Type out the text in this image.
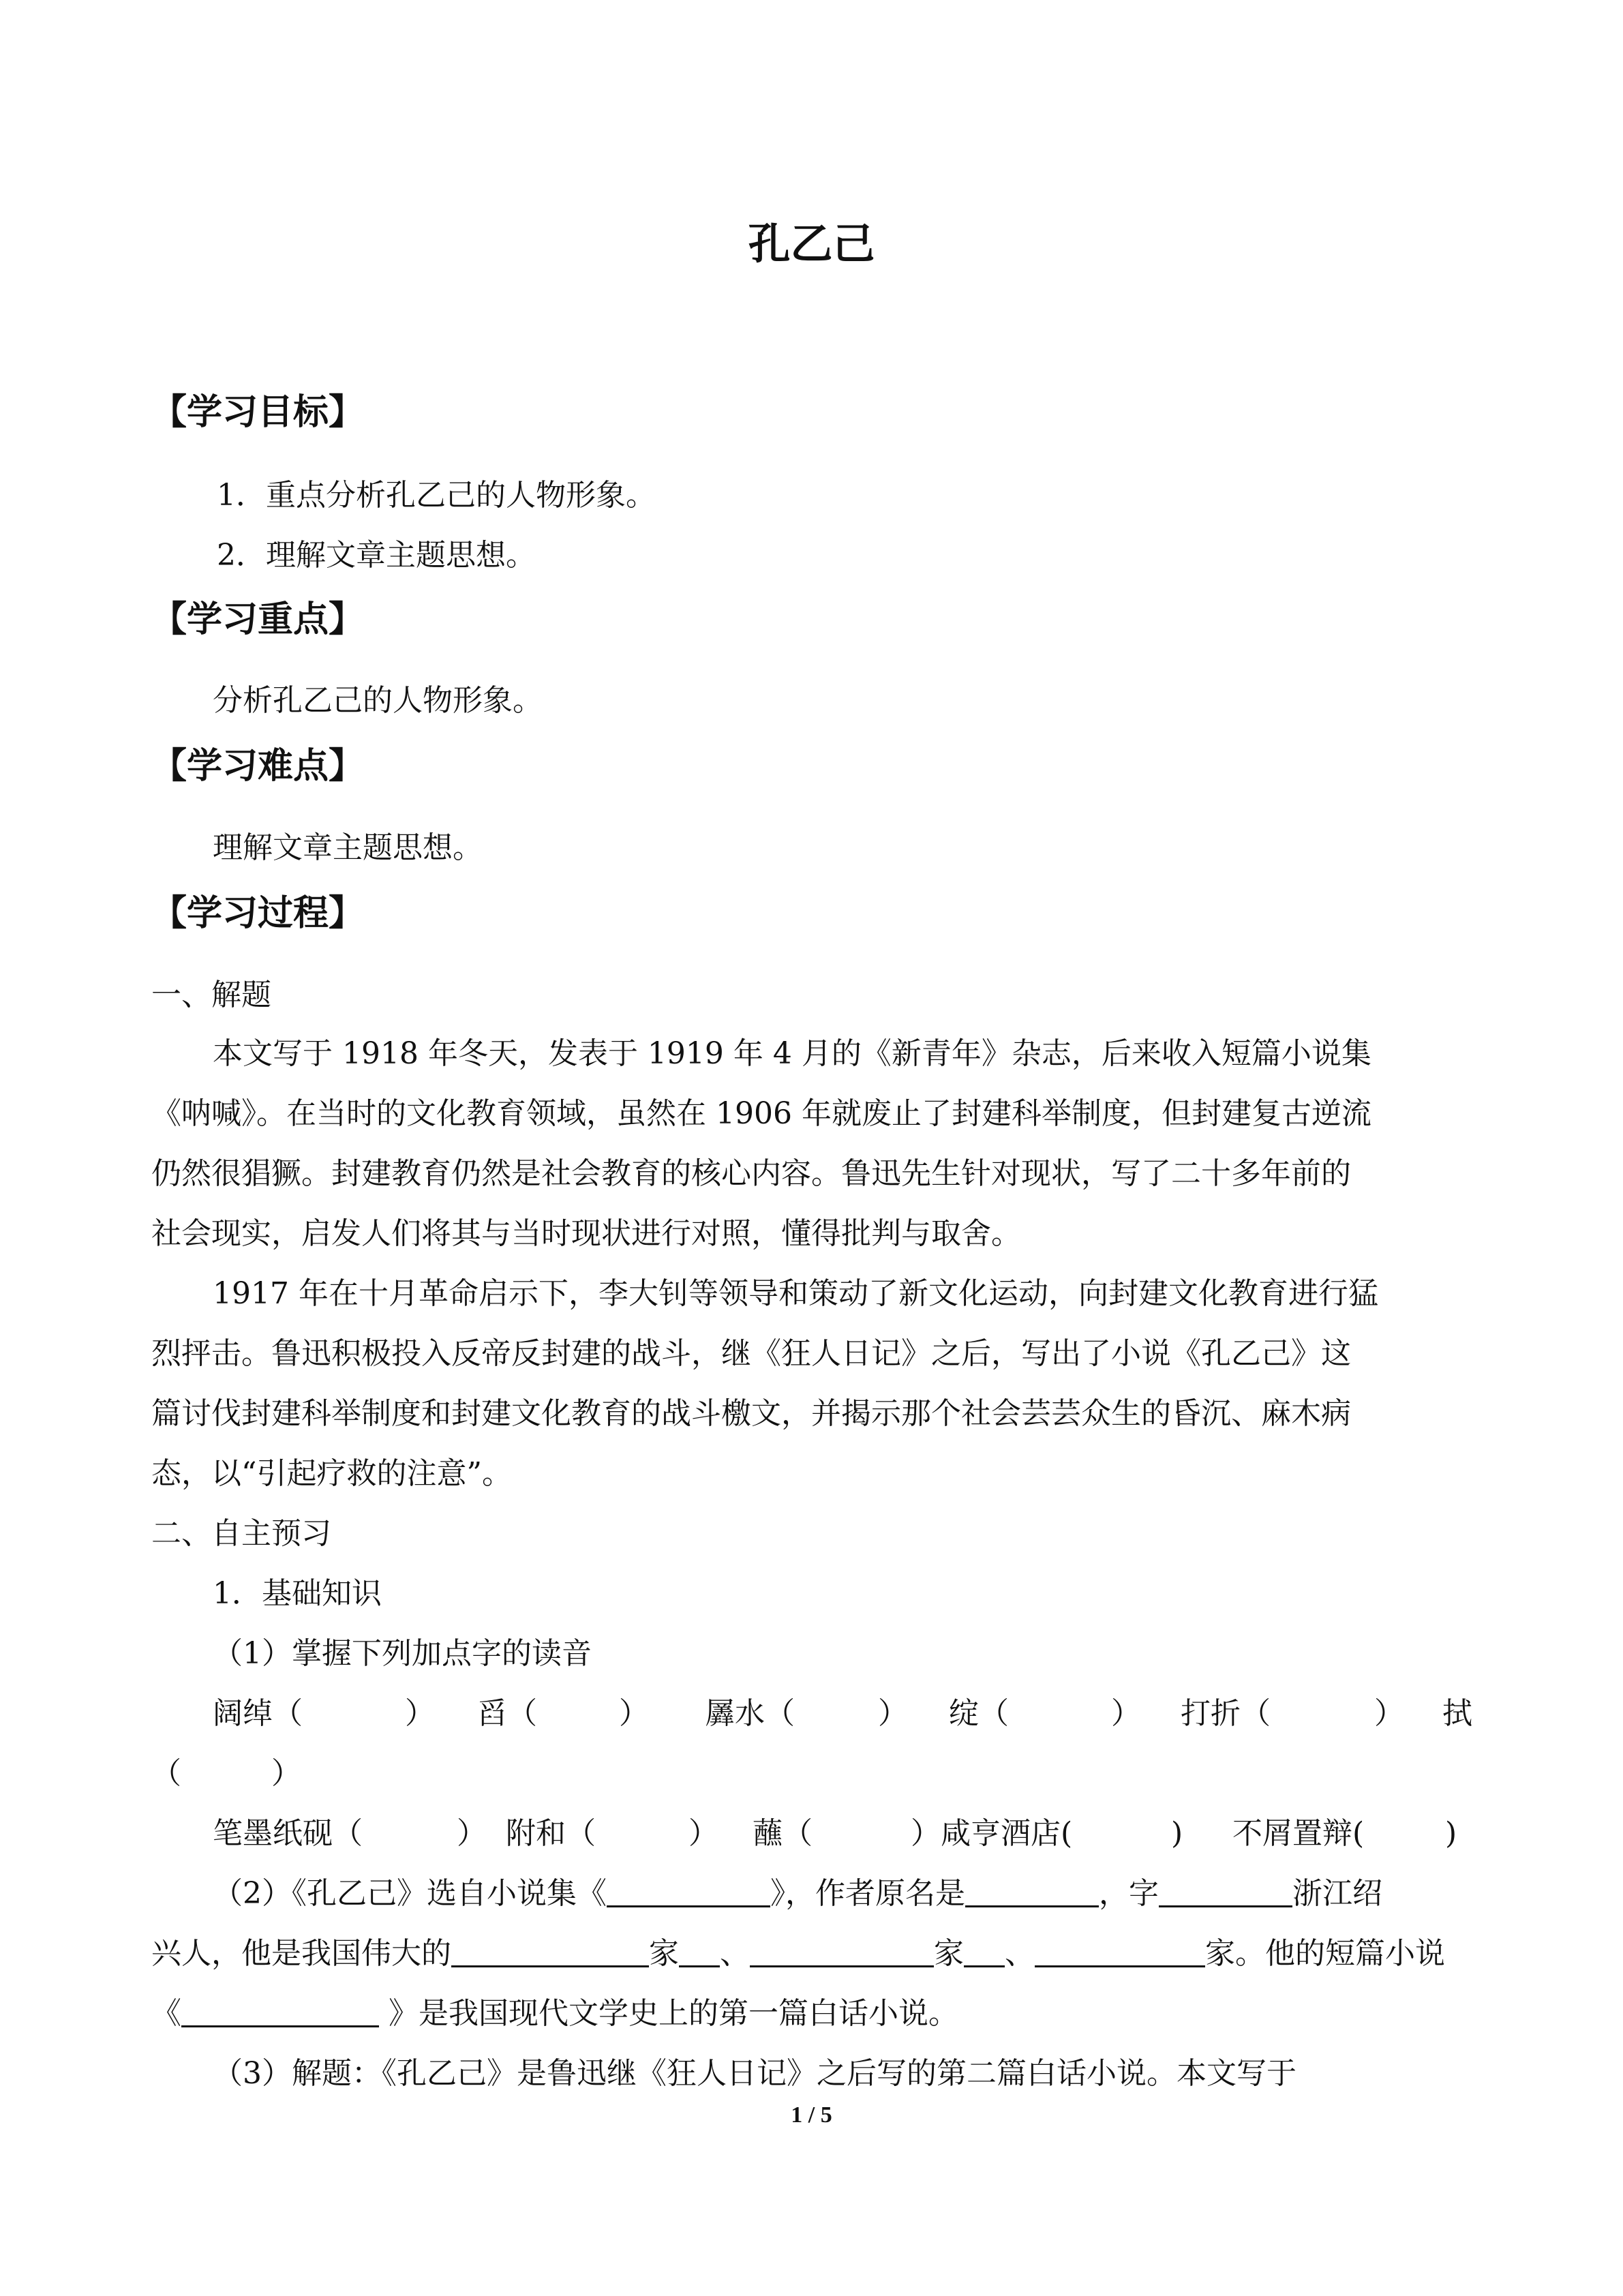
孔乙己
【学习目标】
1．重点分析孔乙己的人物形象。
2．理解文章主题思想。
【学习重点】
分析孔乙己的人物形象。
【学习难点】
理解文章主题思想。
【学习过程】
一、解题
本文写于 1918 年冬天，发表于 1919 年 4 月的《新青年》杂志，后来收入短篇小说集
《呐喊》。在当时的文化教育领域，虽然在 1906 年就废止了封建科举制度，但封建复古逆流
仍然很猖獗。封建教育仍然是社会教育的核心内容。鲁迅先生针对现状，写了二十多年前的
社会现实，启发人们将其与当时现状进行对照，懂得批判与取舍。
1917 年在十月革命启示下，李大钊等领导和策动了新文化运动，向封建文化教育进行猛
烈抨击。鲁迅积极投入反帝反封建的战斗，继《狂人日记》之后，写出了小说《孔乙己》这
篇讨伐封建科举制度和封建文化教育的战斗檄文，并揭示那个社会芸芸众生的昏沉、麻木病
态，以“引起疗救的注意”。
二、自主预习
1．基础知识
（1）掌握下列加点字的读音
阔绰（	） 舀（	） 羼水（	） 绽（	） 打折（	） 拭
（　　　）
笔墨纸砚（	） 附和（	） 蘸（	）咸亨酒店(	) 不屑置辩(	)
（2）《孔乙己》选自小说集《	》，作者原名是	，字	浙江绍
兴人，他是我国伟大的	家 、	家 、	家。他的短篇小说
《	》是我国现代文学史上的第一篇白话小说。
（3）解题：《孔乙己》是鲁迅继《狂人日记》之后写的第二篇白话小说。本文写于
1 / 5
